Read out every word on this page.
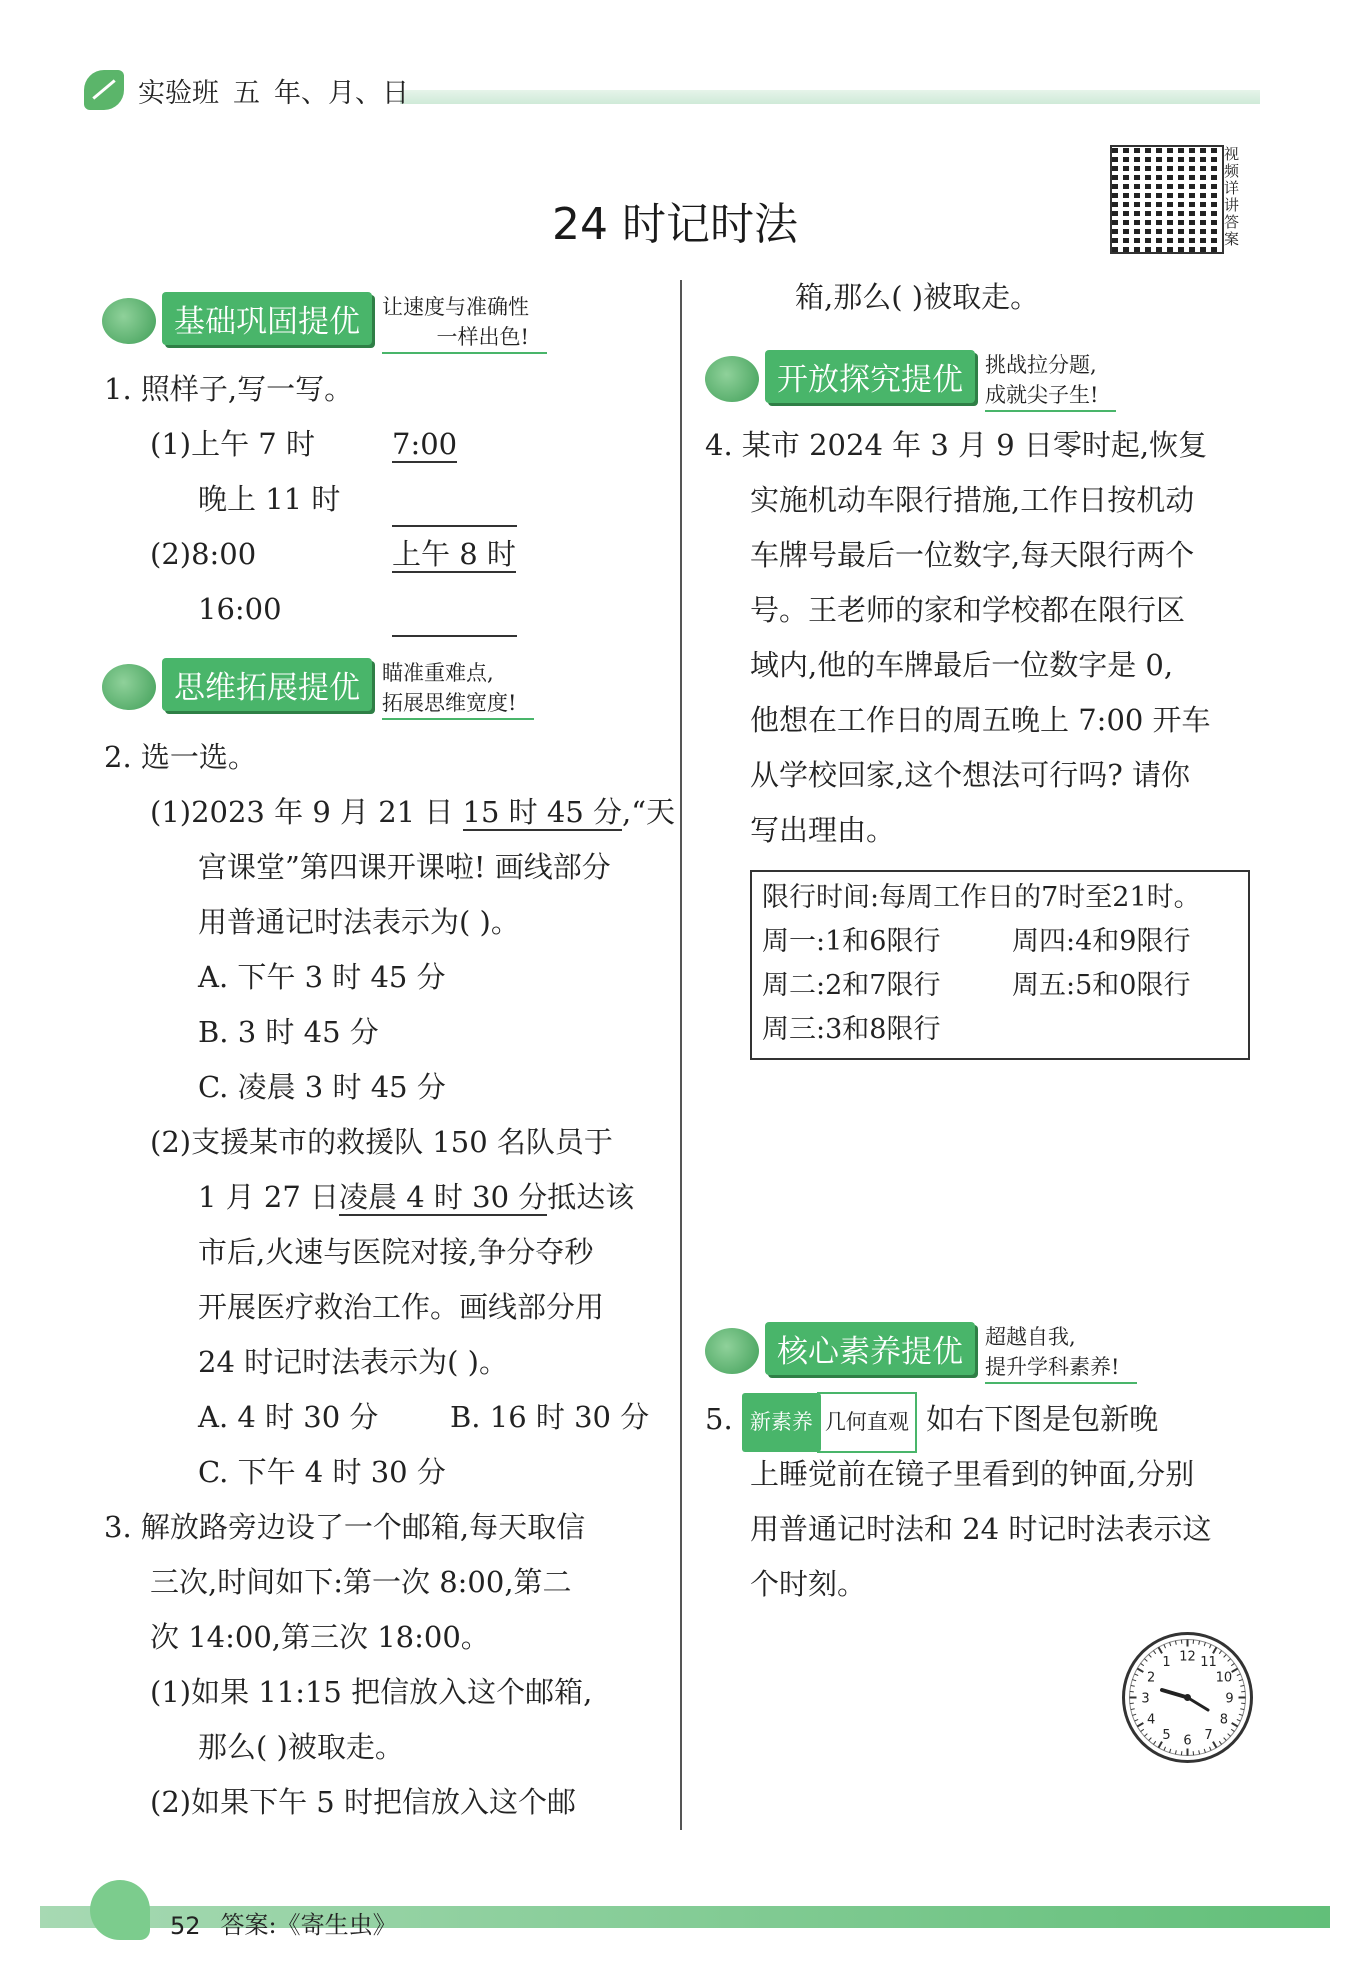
实验班 五 年、月、日
24 时记时法
视频详讲答案
基础巩固提优	让速度与准确性
一样出色!
1. 照样子,写一写。
(1)上午 7 时	7:00
晚上 11 时
(2)8:00	上午 8 时
16:00
思维拓展提优	瞄准重难点,
拓展思维宽度!
2. 选一选。
(1)2023 年 9 月 21 日 15 时 45 分,“天
宫课堂”第四课开课啦! 画线部分
用普通记时法表示为( )。
A. 下午 3 时 45 分
B. 3 时 45 分
C. 凌晨 3 时 45 分
(2)支援某市的救援队 150 名队员于
1 月 27 日凌晨 4 时 30 分抵达该
市后,火速与医院对接,争分夺秒
开展医疗救治工作。画线部分用
24 时记时法表示为( )。
A. 4 时 30 分 B. 16 时 30 分
C. 下午 4 时 30 分
3. 解放路旁边设了一个邮箱,每天取信
三次,时间如下:第一次 8:00,第二
次 14:00,第三次 18:00。
(1)如果 11:15 把信放入这个邮箱,
那么( )被取走。
(2)如果下午 5 时把信放入这个邮
箱,那么( )被取走。
开放探究提优	挑战拉分题,
成就尖子生!
4. 某市 2024 年 3 月 9 日零时起,恢复
实施机动车限行措施,工作日按机动
车牌号最后一位数字,每天限行两个
号。王老师的家和学校都在限行区
域内,他的车牌最后一位数字是 0,
他想在工作日的周五晚上 7:00 开车
从学校回家,这个想法可行吗? 请你
写出理由。
限行时间:每周工作日的7时至21时。
周一:1和6限行	周四:4和9限行
周二:2和7限行	周五:5和0限行
周三:3和8限行
核心素养提优	超越自我,
提升学科素养!
5. 新素养 几何直观 如右下图是包新晚
上睡觉前在镜子里看到的钟面,分别
用普通记时法和 24 时记时法表示这
个时刻。
12 11
10
9
8
7
6
5
4
3
2
1
52 答案:《寄生虫》
